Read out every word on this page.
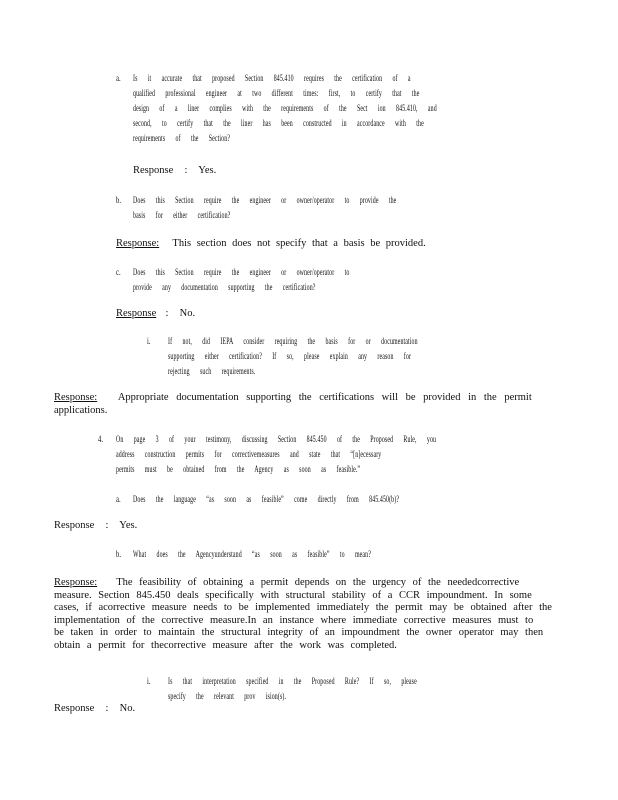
a. Is it accurate that proposed Section 845.410 requires the certification of a
qualified professional engineer at two different times: first, to certify that the
design of a liner complies with the requirements of the Sect ion 845.410, and
second, to certify that the liner has been constructed in accordance with the
requirements of the Section?
Response : Yes.
b. Does this Section require the engineer or owner/operator to provide the
basis for either certification?
Response: This section does not specify that a basis be provided.
c. Does this Section require the engineer or owner/operator to
provide any documentation supporting the certification?
Response : No.
i. If not, did IEPA consider requiring the basis for or documentation
supporting either certification? If so, please explain any reason for
rejecting such requirements.
Response: Appropriate documentation supporting the certifications will be provided in the permit
applications.
4. On page 3 of your testimony, discussing Section 845.450 of the Proposed Rule, you
address construction permits for correctivemeasures and state that “[n]ecessary
permits must be obtained from the Agency as soon as feasible.”
a. Does the language “as soon as feasible” come directly from 845.450(b)?
Response : Yes.
b. What does the Agencyunderstand “as soon as feasible” to mean?
Response: The feasibility of obtaining a permit depends on the urgency of the neededcorrective
measure. Section 845.450 deals specifically with structural stability of a CCR impoundment. In some
cases, if acorrective measure needs to be implemented immediately the permit may be obtained after the
implementation of the corrective measure.In an instance where immediate corrective measures must to
be taken in order to maintain the structural integrity of an impoundment the owner operator may then
obtain a permit for thecorrective measure after the work was completed.
i. Is that interpretation specified in the Proposed Rule? If so, please
specify the relevant prov ision(s).
Response : No.
